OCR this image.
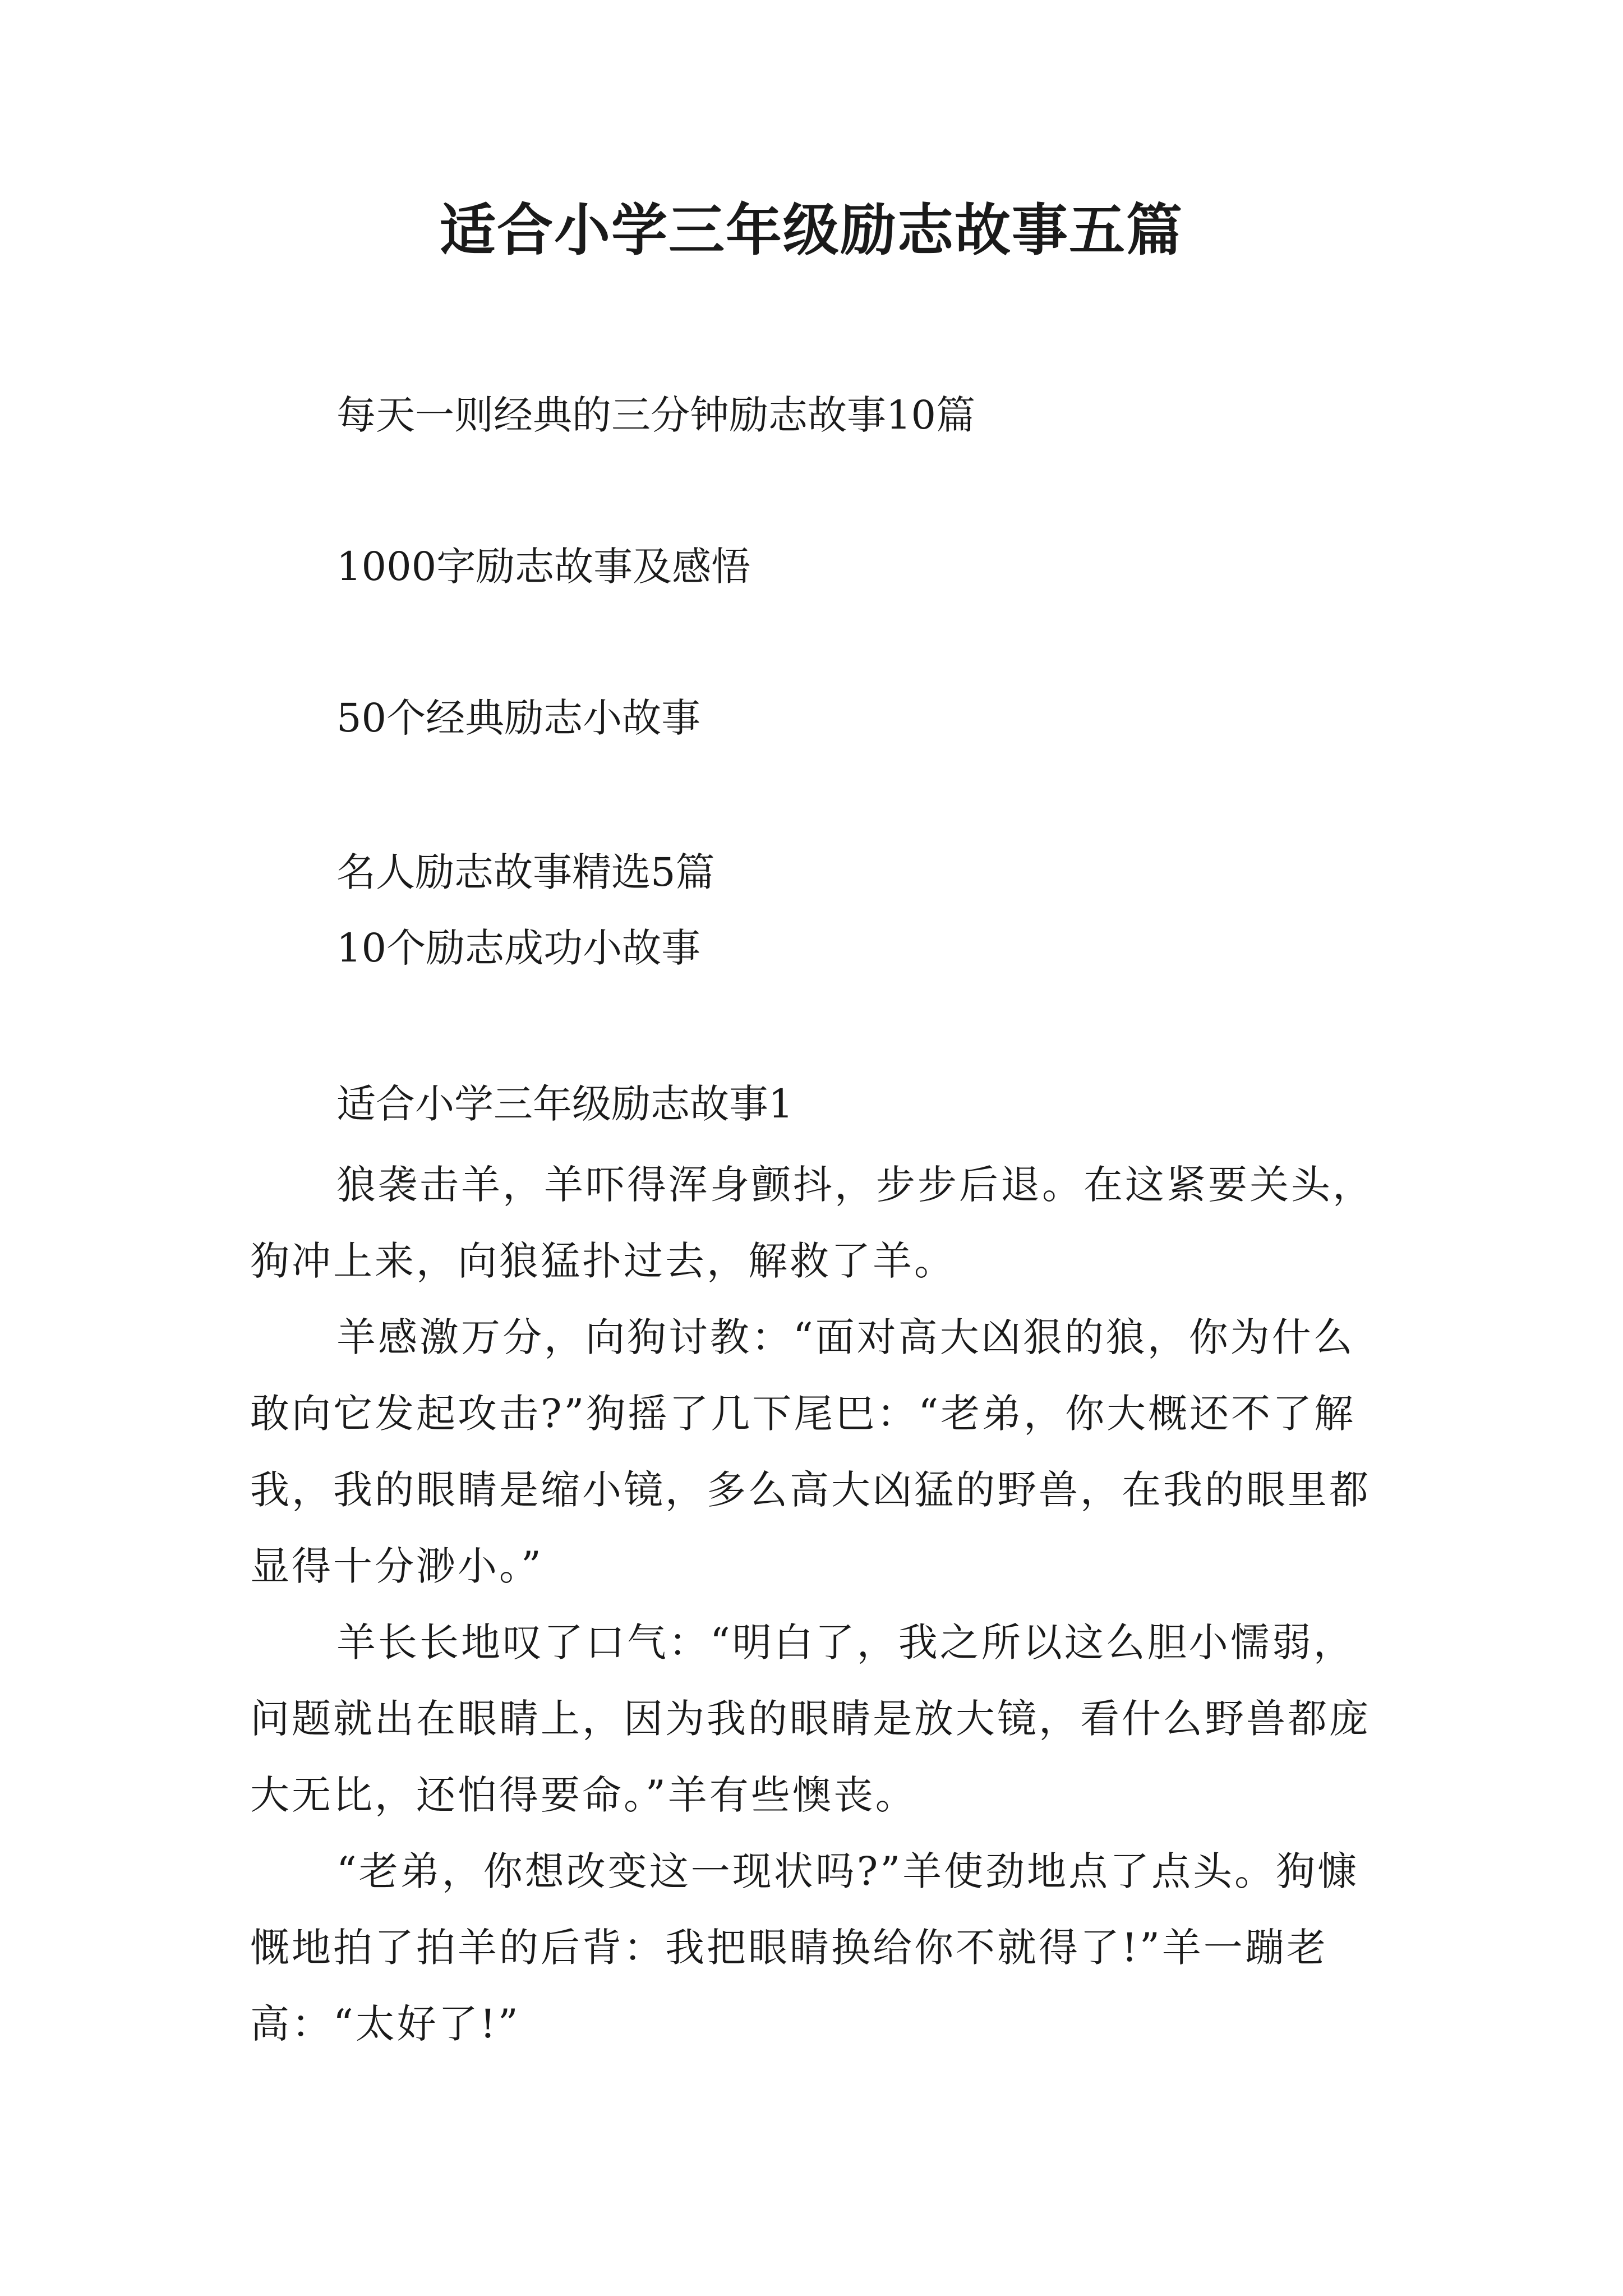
适合小学三年级励志故事五篇
每天一则经典的三分钟励志故事10篇
1000字励志故事及感悟
50个经典励志小故事
名人励志故事精选5篇
10个励志成功小故事
适合小学三年级励志故事1

狼袭击羊，羊吓得浑身颤抖，步步后退。在这紧要关头，狗冲上来，向狼猛扑过去，解救了羊。

羊感激万分，向狗讨教：“面对高大凶狠的狼，你为什么敢向它发起攻击?”狗摇了几下尾巴：“老弟，你大概还不了解我，我的眼睛是缩小镜，多么高大凶猛的野兽，在我的眼里都显得十分渺小。”

羊长长地叹了口气：“明白了，我之所以这么胆小懦弱，问题就出在眼睛上，因为我的眼睛是放大镜，看什么野兽都庞大无比，还怕得要命。”羊有些懊丧。

“老弟，你想改变这一现状吗?”羊使劲地点了点头。狗慷慨地拍了拍羊的后背：我把眼睛换给你不就得了!”羊一蹦老高：“太好了!”
